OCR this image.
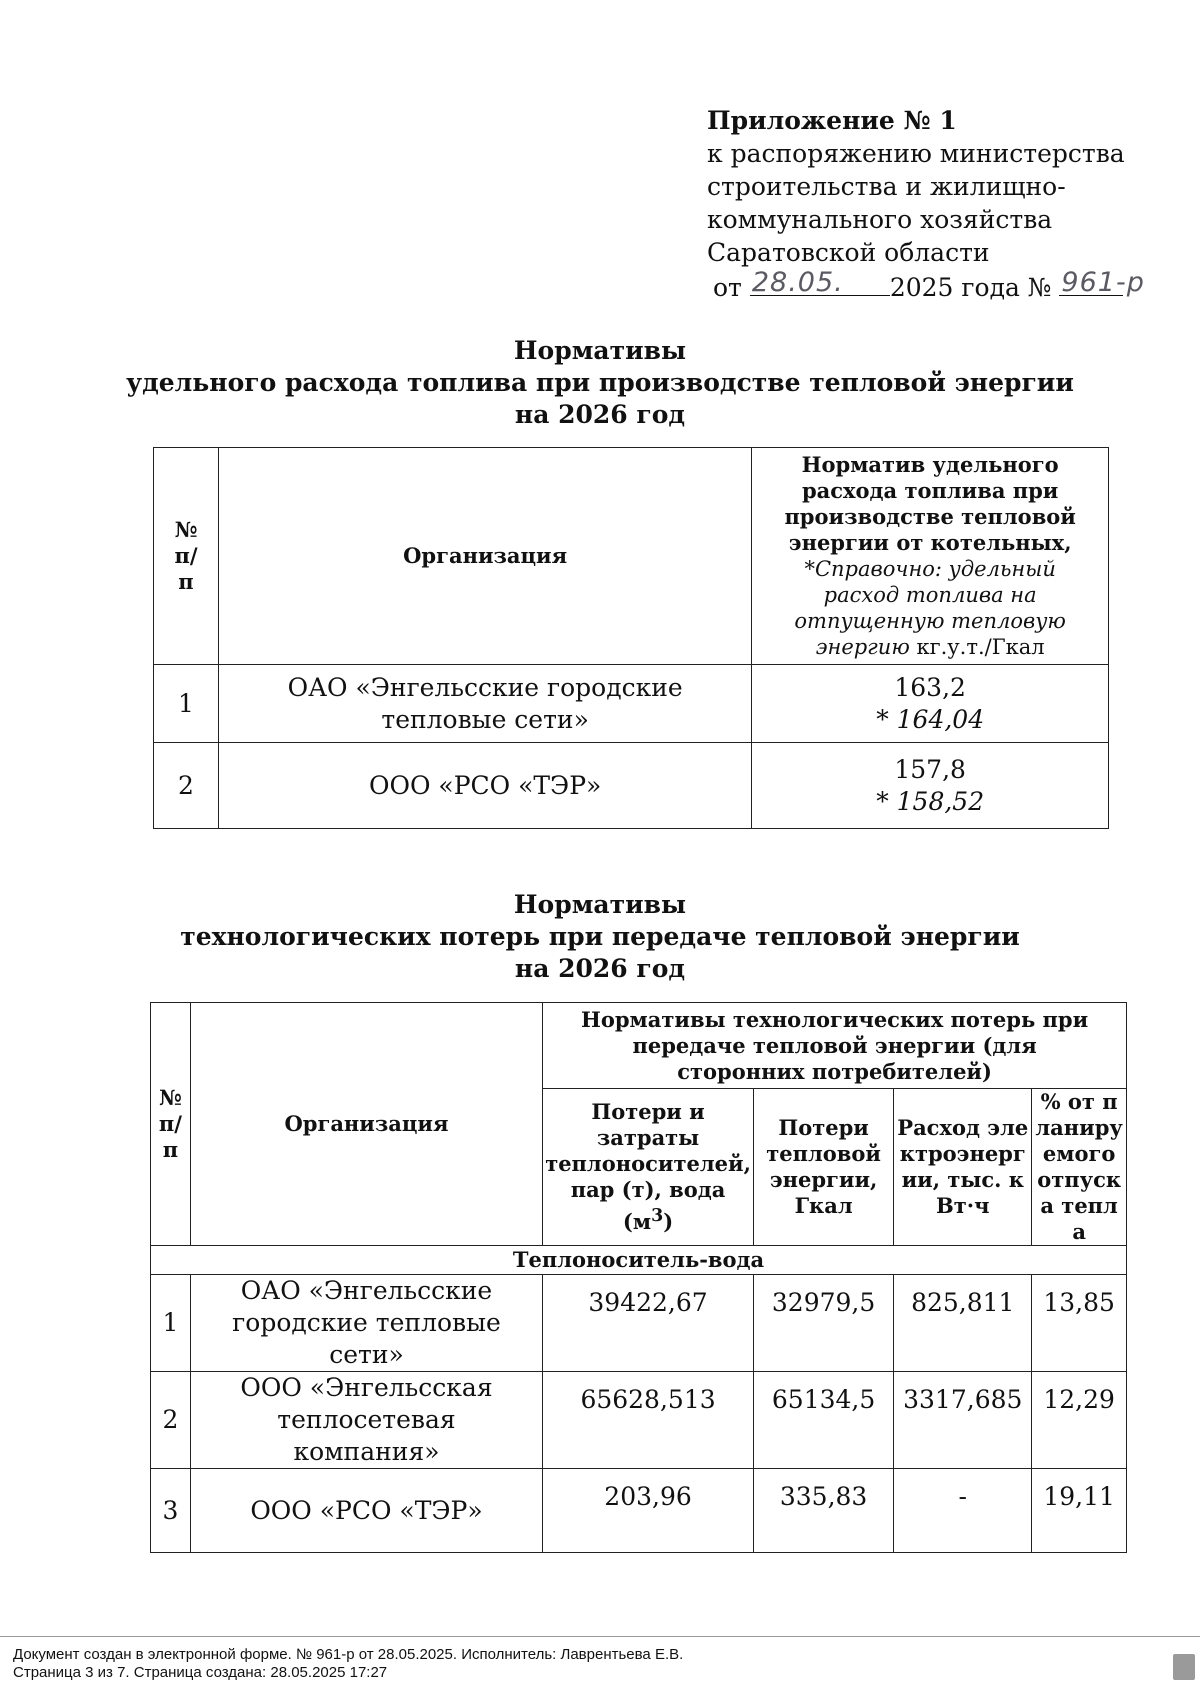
Приложение № 1
к распоряжению министерства
строительства и жилищно-
коммунального хозяйства
Саратовской области
от 28.05. 2025 года № 961-р
Нормативы
удельного расхода топлива при производстве тепловой энергии
на 2026 год
№ п/п	Организация	Норматив удельного расхода топлива при производстве тепловой энергии от котельных,
*Справочно: удельный расход топлива на отпущенную тепловую энергию кг.у.т./Гкал

1	ОАО «Энгельсские городские тепловые сети»	163,2
* 164,04

2	ООО «РСО «ТЭР»	157,8
* 158,52
Нормативы
технологических потерь при передаче тепловой энергии
на 2026 год
№ п/п	Организация	Нормативы технологических потерь при передаче тепловой энергии (для сторонних потребителей)			
		Потери и затраты теплоносителей, пар (т), вода $(м^3)$	Потери тепловой энергии, Гкал	Расход электроэнергии, тыс. кВт·ч	% от планируемого отпуска тепла
Теплоноситель-вода					
1	ОАО «Энгельсские городские тепловые сети»	39422,67	32979,5	825,811	13,85
2	ООО «Энгельсская теплосетевая компания»	65628,513	65134,5	3317,685	12,29
3	ООО «РСО «ТЭР»	203,96	335,83	-	19,11
Документ создан в электронной форме. № 961-р от 28.05.2025. Исполнитель: Лаврентьева Е.В.
Страница 3 из 7. Страница создана: 28.05.2025 17:27
